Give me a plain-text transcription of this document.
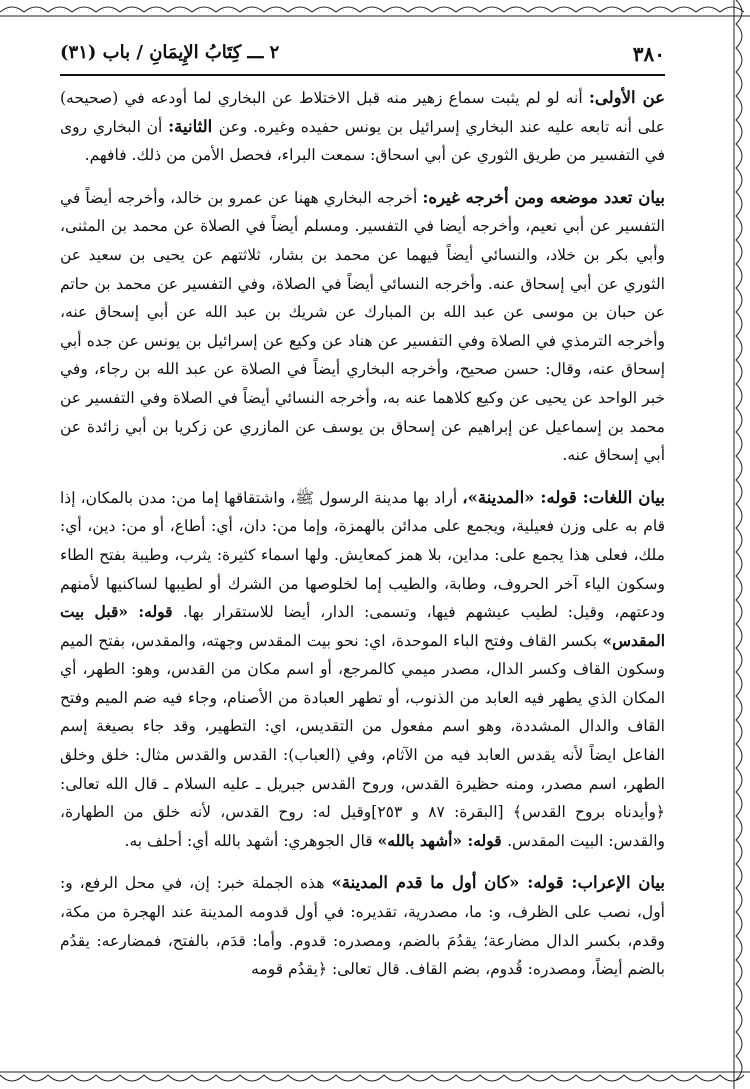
٣٨٠
٢ ـــ كِتَابُ الإِيمَانِ / باب (٣١)

عن الأولى: أنه لو لم يثبت سماع زهير منه قبل الاختلاط عن البخاري لما أودعه في (صحيحه) على أنه تابعه عليه عند البخاري إسرائيل بن يونس حفيده وغيره. وعن الثانية: أن البخاري روى في التفسير من طريق الثوري عن أبي اسحاق: سمعت البراء، فحصل الأمن من ذلك. فافهم.

بيان تعدد موضعه ومن أخرجه غيره: أخرجه البخاري ههنا عن عمرو بن خالد، وأخرجه أيضاً في التفسير عن أبي نعيم، وأخرجه أيضا في التفسير. ومسلم أيضاً في الصلاة عن محمد بن المثنى، وأبي بكر بن خلاد، والنسائي أيضاً فيهما عن محمد بن بشار، ثلاثتهم عن يحيى بن سعيد عن الثوري عن أبي إسحاق عنه. وأخرجه النسائي أيضاً في الصلاة، وفي التفسير عن محمد بن حاتم عن حبان بن موسى عن عبد الله بن المبارك عن شريك بن عبد الله عن أبي إسحاق عنه، وأخرجه الترمذي في الصلاة وفي التفسير عن هناد عن وكيع عن إسرائيل بن يونس عن جده أبي إسحاق عنه، وقال: حسن صحيح، وأخرجه البخاري أيضاً في الصلاة عن عبد الله بن رجاء، وفي خبر الواحد عن يحيى عن وكيع كلاهما عنه به، وأخرجه النسائي أيضاً في الصلاة وفي التفسير عن محمد بن إسماعيل عن إبراهيم عن إسحاق بن يوسف عن المازري عن زكريا بن أبي زائدة عن أبي إسحاق عنه.

بيان اللغات: قوله: «المدينة»، أراد بها مدينة الرسول ﷺ، واشتقاقها إما من: مدن بالمكان، إذا قام به على وزن فعيلية، ويجمع على مدائن بالهمزة، وإما من: دان، أي: أطاع، أو من: دين، أي: ملك، فعلى هذا يجمع على: مداين، بلا همز كمعايش. ولها اسماء كثيرة: يثرب، وطيبة بفتح الطاء وسكون الياء آخر الحروف، وطابة، والطيب إما لخلوصها من الشرك أو لطيبها لساكنيها لأمنهم ودعتهم، وقيل: لطيب عيشهم فيها، وتسمى: الدار، أيضا للاستقرار بها. قوله: «قبل بيت المقدس» بكسر القاف وفتح الباء الموحدة، اي: نحو بيت المقدس وجهته، والمقدس، بفتح الميم وسكون القاف وكسر الدال، مصدر ميمي كالمرجع، أو اسم مكان من القدس، وهو: الطهر، أي المكان الذي يطهر فيه العابد من الذنوب، أو تطهر العبادة من الأصنام، وجاء فيه ضم الميم وفتح القاف والدال المشددة، وهو اسم مفعول من التقديس، اي: التطهير، وقد جاء بصيغة إسم الفاعل ايضاً لأنه يقدس العابد فيه من الآثام، وفي (العباب): القدس والقدس مثال: خلق وخلق الطهر، اسم مصدر، ومنه حظيرة القدس، وروح القدس جبريل ـ عليه السلام ـ قال الله تعالى: ﴿وأيدناه بروح القدس﴾ [البقرة: ٨٧ و ٢٥٣]وقيل له: روح القدس، لأنه خلق من الطهارة، والقدس: البيت المقدس. قوله: «أشهد بالله» قال الجوهري: أشهد بالله أي: أحلف به.

بيان الإعراب: قوله: «كان أول ما قدم المدينة» هذه الجملة خبر: إن، في محل الرفع، و: أول، نصب على الظرف، و: ما، مصدرية، تقديره: في أول قدومه المدينة عند الهجرة من مكة، وقدم، بكسر الدال مضارعة؛ يقدُمَ بالضم، ومصدره: قدوم. وأما: قدَم، بالفتح، فمضارعه: يقدُم بالضم أيضاً، ومصدره: قُدوم، بضم القاف. قال تعالى: ﴿يقدُم قومه
